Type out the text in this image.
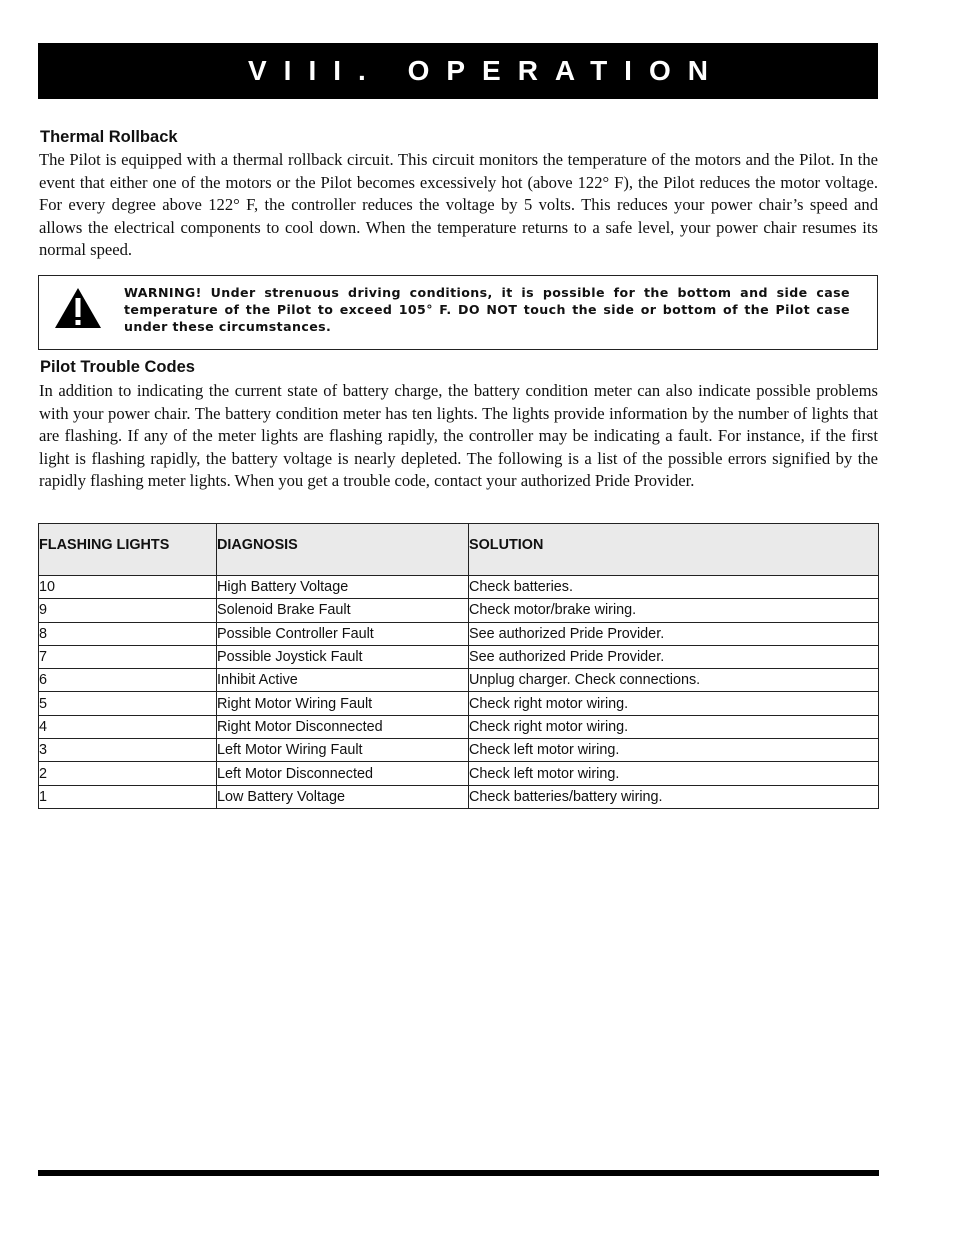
VIII. OPERATION
Thermal Rollback
The Pilot is equipped with a thermal rollback circuit. This circuit monitors the temperature of the motors and the Pilot. In the event that either one of the motors or the Pilot becomes excessively hot (above 122° F), the Pilot reduces the motor voltage. For every degree above 122° F, the controller reduces the voltage by 5 volts. This reduces your power chair’s speed and allows the electrical components to cool down. When the temperature returns to a safe level, your power chair resumes its normal speed.
WARNING! Under strenuous driving conditions, it is possible for the bottom and side case temperature of the Pilot to exceed 105° F. DO NOT touch the side or bottom of the Pilot case under these circumstances.
Pilot Trouble Codes
In addition to indicating the current state of battery charge, the battery condition meter can also indicate possible problems with your power chair. The battery condition meter has ten lights. The lights provide information by the number of lights that are flashing. If any of the meter lights are flashing rapidly, the controller may be indicating a fault. For instance, if the first light is flashing rapidly, the battery voltage is nearly depleted. The following is a list of the possible errors signified by the rapidly flashing meter lights. When you get a trouble code, contact your authorized Pride Provider.
FLASHING LIGHTS	DIAGNOSIS	SOLUTION
10	High Battery Voltage	Check batteries.
9	Solenoid Brake Fault	Check motor/brake wiring.
8	Possible Controller Fault	See authorized Pride Provider.
7	Possible Joystick Fault	See authorized Pride Provider.
6	Inhibit Active	Unplug charger. Check connections.
5	Right Motor Wiring Fault	Check right motor wiring.
4	Right Motor Disconnected	Check right motor wiring.
3	Left Motor Wiring Fault	Check left motor wiring.
2	Left Motor Disconnected	Check left motor wiring.
1	Low Battery Voltage	Check batteries/battery wiring.
